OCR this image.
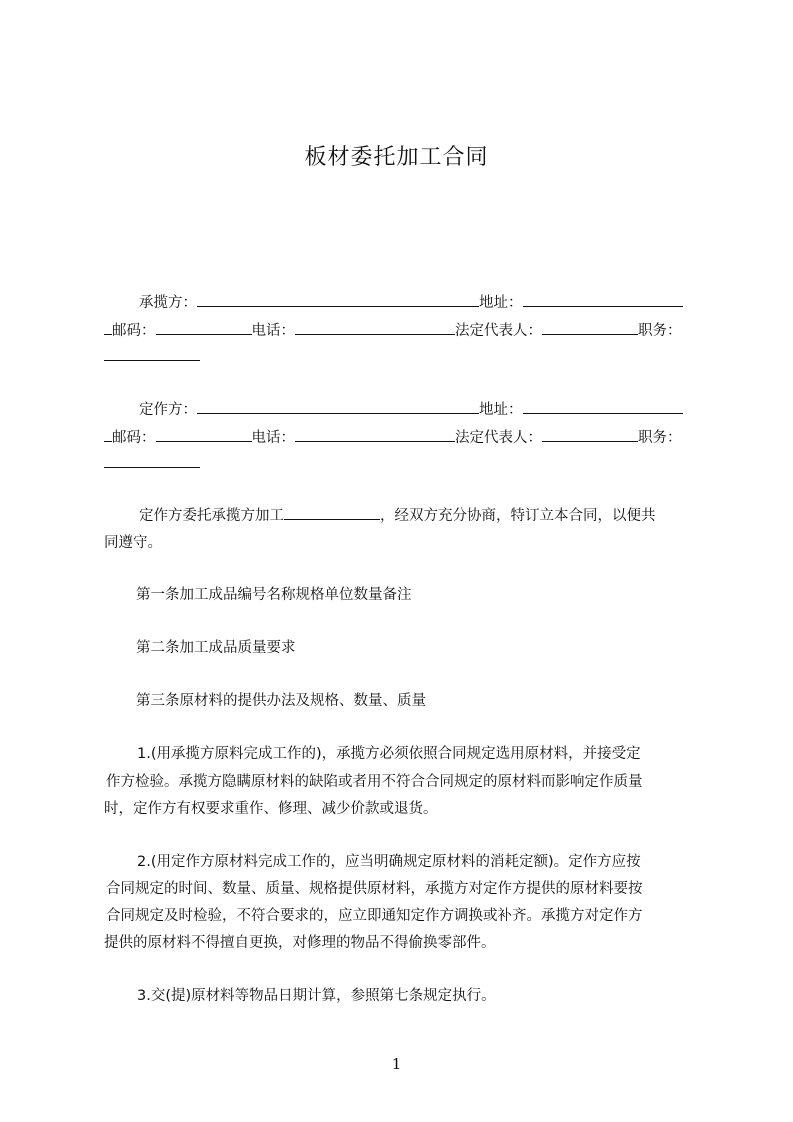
板材委托加工合同
承揽方：	地址：
邮码：	电话：	法定代表人：	职务：
定作方：	地址：
邮码：	电话：	法定代表人：	职务：
定作方委托承揽方加工	，经双方充分协商，特订立本合同，以便共
同遵守。
第一条加工成品编号名称规格单位数量备注
第二条加工成品质量要求
第三条原材料的提供办法及规格、数量、质量
1.(用承揽方原料完成工作的)，承揽方必须依照合同规定选用原材料，并接受定
作方检验。承揽方隐瞒原材料的缺陷或者用不符合合同规定的原材料而影响定作质量
时，定作方有权要求重作、修理、减少价款或退货。
2.(用定作方原材料完成工作的，应当明确规定原材料的消耗定额)。定作方应按
合同规定的时间、数量、质量、规格提供原材料，承揽方对定作方提供的原材料要按
合同规定及时检验，不符合要求的，应立即通知定作方调换或补齐。承揽方对定作方
提供的原材料不得擅自更换，对修理的物品不得偷换零部件。
3.交(提)原材料等物品日期计算，参照第七条规定执行。
1
